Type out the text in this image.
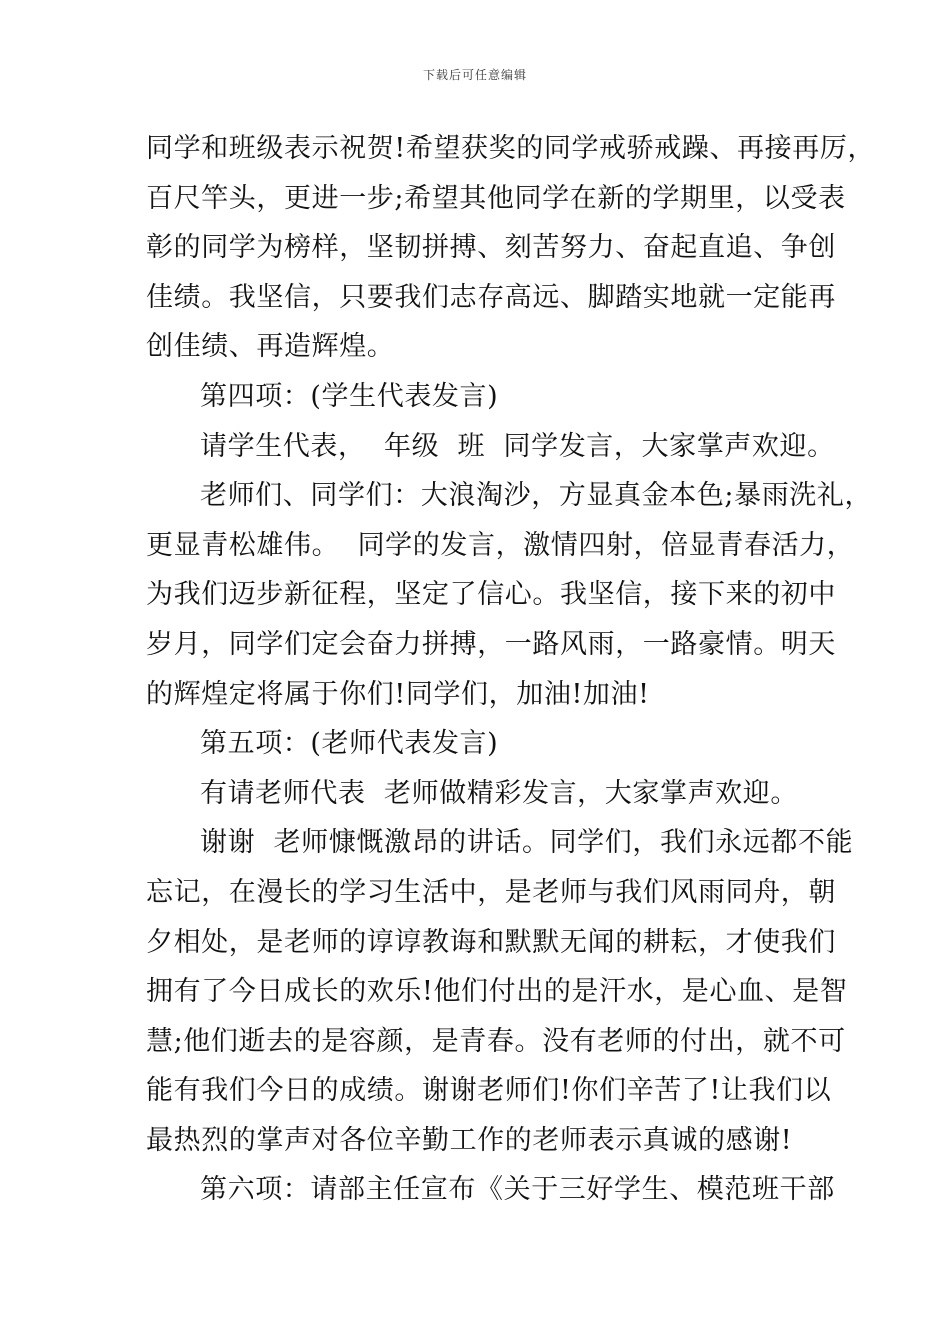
下载后可任意编辑
同学和班级表示祝贺!希望获奖的同学戒骄戒躁、再接再厉，
百尺竿头，更进一步;希望其他同学在新的学期里，以受表
彰的同学为榜样，坚韧拼搏、刻苦努力、奋起直追、争创
佳绩。我坚信，只要我们志存高远、脚踏实地就一定能再
创佳绩、再造辉煌。
第四项：(学生代表发言)
请学生代表，  年级  班  同学发言，大家掌声欢迎。
老师们、同学们：大浪淘沙，方显真金本色;暴雨洗礼，
更显青松雄伟。  同学的发言，激情四射，倍显青春活力，
为我们迈步新征程，坚定了信心。我坚信，接下来的初中
岁月，同学们定会奋力拼搏，一路风雨，一路豪情。明天
的辉煌定将属于你们!同学们，加油!加油!
第五项：(老师代表发言)
有请老师代表  老师做精彩发言，大家掌声欢迎。
谢谢  老师慷慨激昂的讲话。同学们，我们永远都不能
忘记，在漫长的学习生活中，是老师与我们风雨同舟，朝
夕相处，是老师的谆谆教诲和默默无闻的耕耘，才使我们
拥有了今日成长的欢乐!他们付出的是汗水，是心血、是智
慧;他们逝去的是容颜，是青春。没有老师的付出，就不可
能有我们今日的成绩。谢谢老师们!你们辛苦了!让我们以
最热烈的掌声对各位辛勤工作的老师表示真诚的感谢!
第六项：请部主任宣布《关于三好学生、模范班干部
